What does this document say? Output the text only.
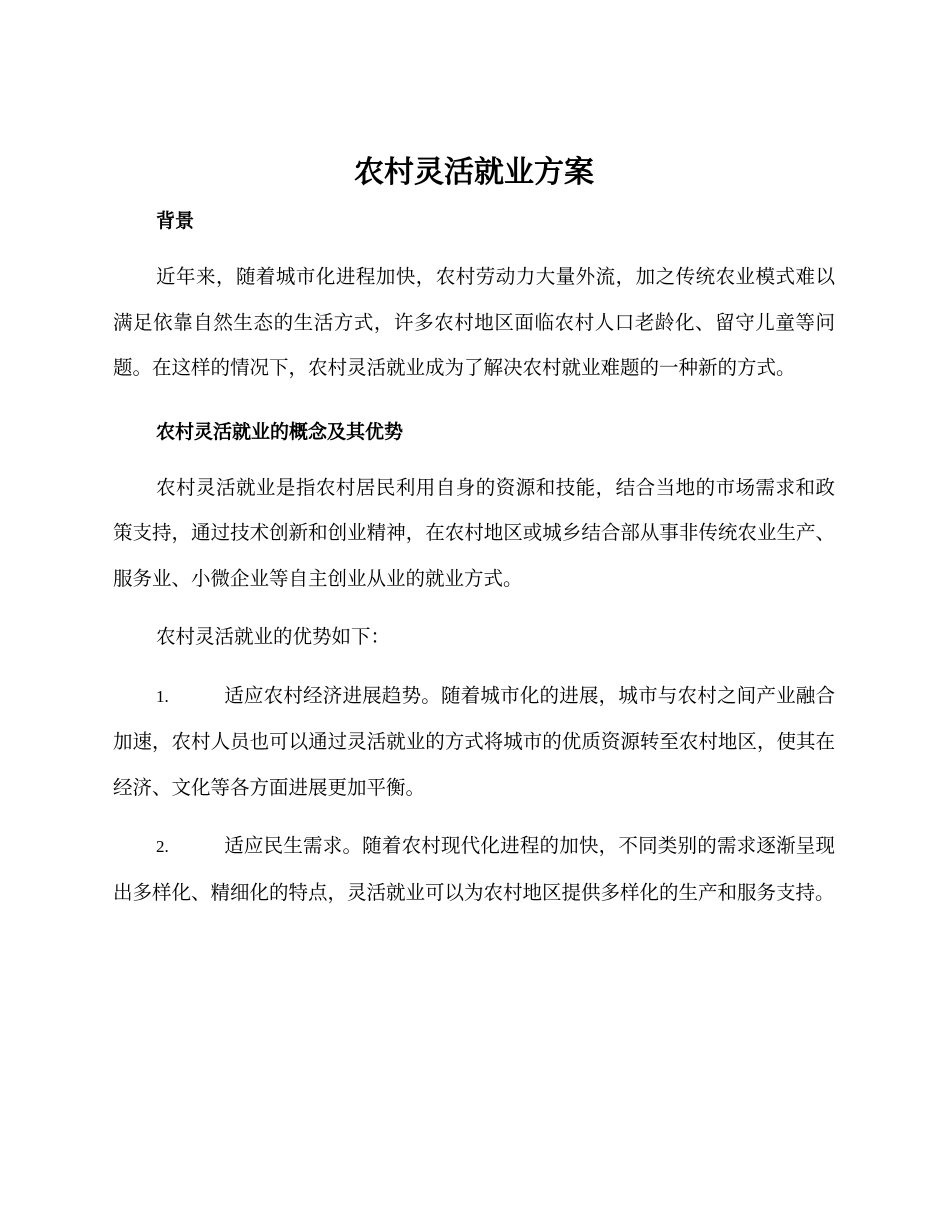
农村灵活就业方案
背景

近年来，随着城市化进程加快，农村劳动力大量外流，加之传统农业模式难以满足依靠自然生态的生活方式，许多农村地区面临农村人口老龄化、留守儿童等问题。在这样的情况下，农村灵活就业成为了解决农村就业难题的一种新的方式。

农村灵活就业的概念及其优势

农村灵活就业是指农村居民利用自身的资源和技能，结合当地的市场需求和政策支持，通过技术创新和创业精神，在农村地区或城乡结合部从事非传统农业生产、服务业、小微企业等自主创业从业的就业方式。

农村灵活就业的优势如下：

1.	适应农村经济进展趋势。随着城市化的进展，城市与农村之间产业融合加速，农村人员也可以通过灵活就业的方式将城市的优质资源转至农村地区，使其在经济、文化等各方面进展更加平衡。
2.	适应民生需求。随着农村现代化进程的加快，不同类别的需求逐渐呈现出多样化、精细化的特点，灵活就业可以为农村地区提供多样化的生产和服务支持。
